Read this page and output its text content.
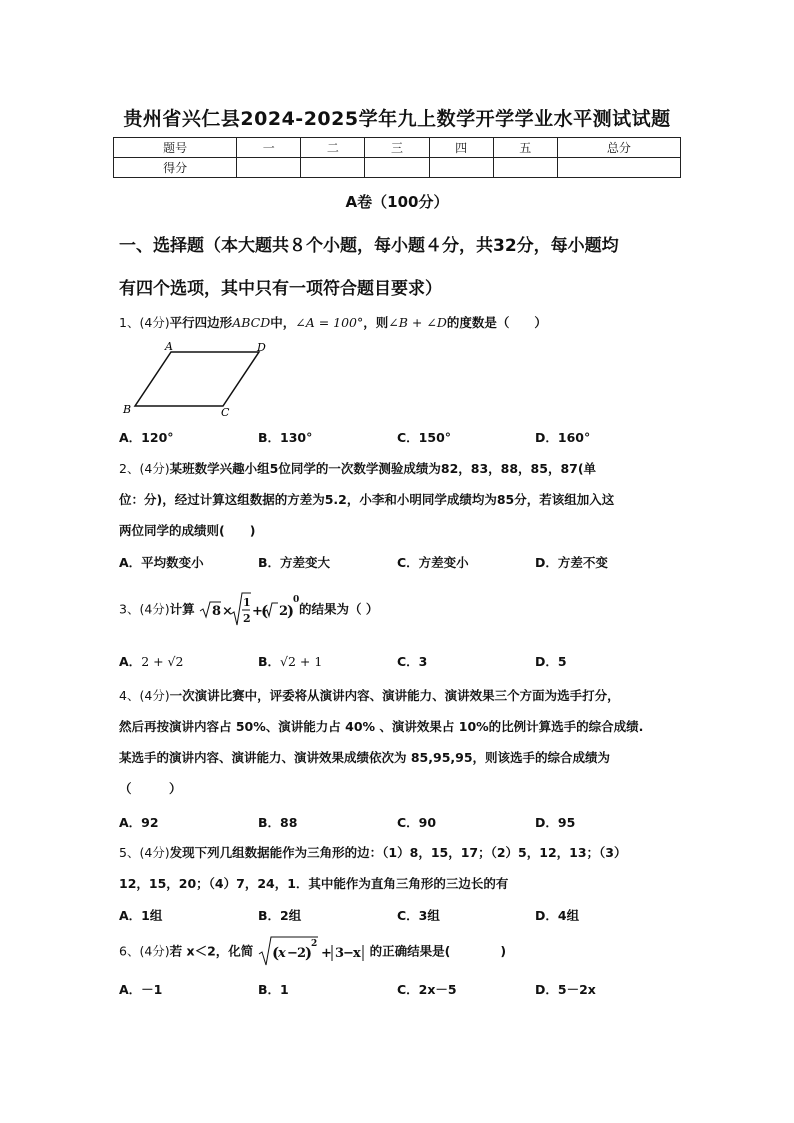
贵州省兴仁县2024-2025学年九上数学开学学业水平测试试题
题号	一	二	三	四	五	总分
得分						
A卷（100分）
一、选择题（本大题共８个小题，每小题４分，共32分，每小题均
有四个选项，其中只有一项符合题目要求）
1、(4分)平行四边形ABCD中，∠A = 100°，则∠B + ∠D的度数是（　　）
A	D
B	C
A．120°	B．130°	C．150°	D．160°
2、(4分)某班数学兴趣小组5位同学的一次数学测验成绩为82，83，88，85，87(单
位：分)，经过计算这组数据的方差为5.2，小李和小明同学成绩均为85分，若该组加入这
两位同学的成绩则(　　)
A．平均数变小	B．方差变大	C．方差变小	D．方差不变
3、(4分)计算 8 ×
1
2 +
( 2
)
0
的结果为（ ）
A．2 + √2	B．√2 + 1	C．3	D．5
4、(4分)一次演讲比赛中，评委将从演讲内容、演讲能力、演讲效果三个方面为选手打分，
然后再按演讲内容占 50%、演讲能力占 40% 、演讲效果占 10%的比例计算选手的综合成绩.
某选手的演讲内容、演讲能力、演讲效果成绩依次为 85,95,95，则该选手的综合成绩为
（　　　）
A．92	B．88	C．90	D．95
5、(4分)发现下列几组数据能作为三角形的边：（1）8，15，17；（2）5，12，13；（3）
12，15，20；（4）7，24，1．其中能作为直角三角形的三边长的有
A．1组	B．2组	C．3组	D．4组
6、(4分)若 x＜2，化简 (
x − 2
)
2
+ 3
− x 的正确结果是(　　　　)
A．－1	B．1	C．2x－5	D．5－2x
